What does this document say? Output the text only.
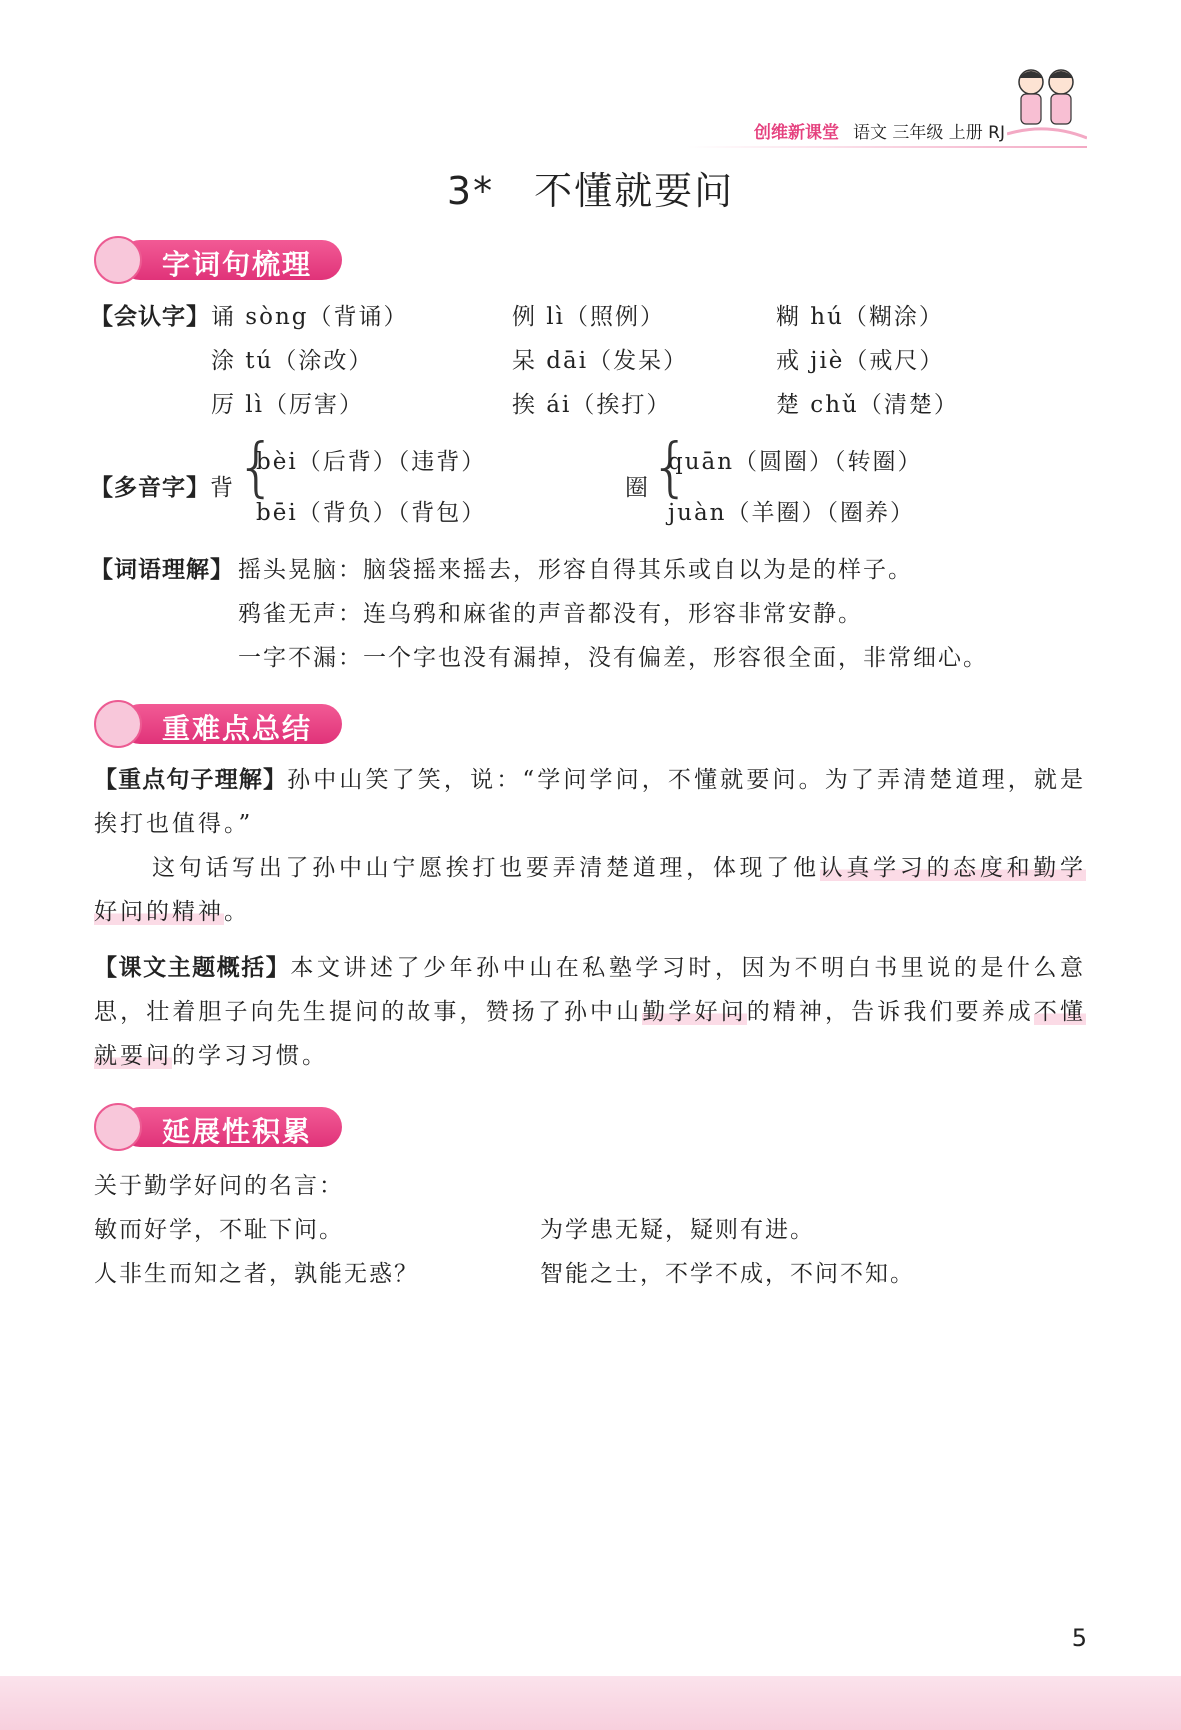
创维新课堂 语文 三年级 上册 RJ
3*　不懂就要问
字词句梳理
【会认字】 诵 sòng（背诵）	例 lì（照例）	糊 hú（糊涂）
涂 tú（涂改）	呆 dāi（发呆）	戒 jiè（戒尺）
厉 lì（厉害）	挨 ái（挨打）	楚 chǔ（清楚）
【多音字】 背 {
bèi（后背）（违背）
bēi（背负）（背包）
圈 {
quān（圆圈）（转圈）
juàn（羊圈）（圈养）
【词语理解】 摇头晃脑：脑袋摇来摇去，形容自得其乐或自以为是的样子。
鸦雀无声：连乌鸦和麻雀的声音都没有，形容非常安静。
一字不漏：一个字也没有漏掉，没有偏差，形容很全面，非常细心。
重难点总结
【重点句子理解】孙中山笑了笑，说：“学问学问，不懂就要问。为了弄清楚道理，就是挨打也值得。”
这句话写出了孙中山宁愿挨打也要弄清楚道理，体现了他认真学习的态度和勤学好问的精神。
【课文主题概括】本文讲述了少年孙中山在私塾学习时，因为不明白书里说的是什么意思，壮着胆子向先生提问的故事，赞扬了孙中山勤学好问的精神，告诉我们要养成不懂就要问的学习习惯。
延展性积累
关于勤学好问的名言：
敏而好学，不耻下问。	为学患无疑，疑则有进。
人非生而知之者，孰能无惑？	智能之士，不学不成，不问不知。
5
